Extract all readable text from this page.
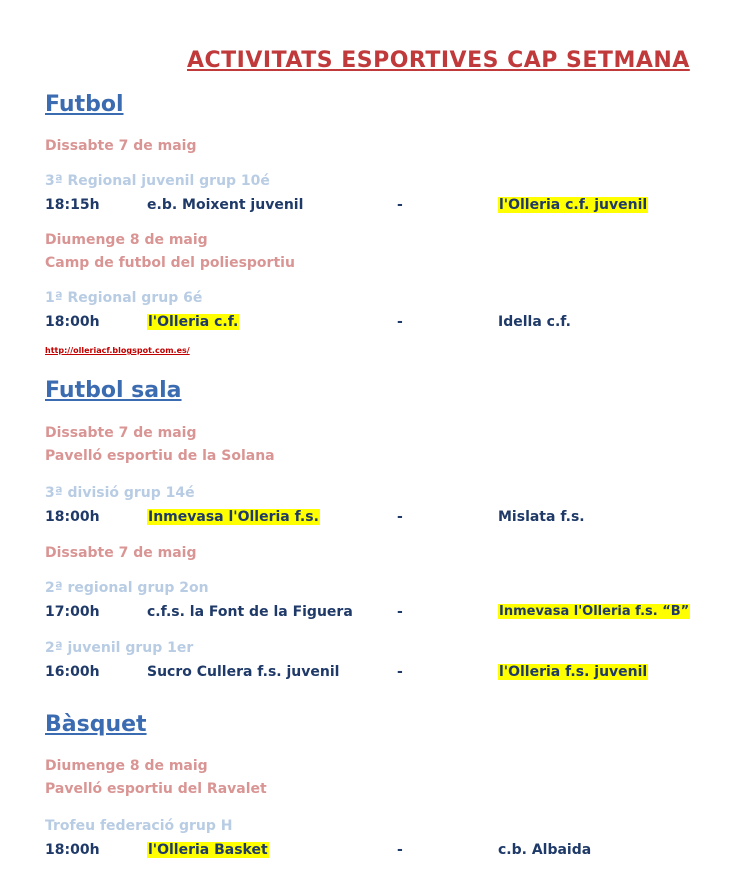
ACTIVITATS ESPORTIVES CAP SETMANA
Futbol
Dissabte 7 de maig
3ª Regional juvenil grup 10é
18:15h	e.b. Moixent juvenil	-	l'Olleria c.f. juvenil
Diumenge 8 de maig
Camp de futbol del poliesportiu
1ª Regional grup 6é
18:00h	l'Olleria c.f.	-	Idella c.f.
http://olleriacf.blogspot.com.es/
Futbol sala
Dissabte 7 de maig
Pavelló esportiu de la Solana
3ª divisió grup 14é
18:00h	Inmevasa l'Olleria f.s.	-	Mislata f.s.
Dissabte 7 de maig
2ª regional grup 2on
17:00h	c.f.s. la Font de la Figuera	-	Inmevasa l'Olleria f.s. “B”
2ª juvenil grup 1er
16:00h	Sucro Cullera f.s. juvenil	-	l'Olleria f.s. juvenil
Bàsquet
Diumenge 8 de maig
Pavelló esportiu del Ravalet
Trofeu federació grup H
18:00h	l'Olleria Basket	-	c.b. Albaida
